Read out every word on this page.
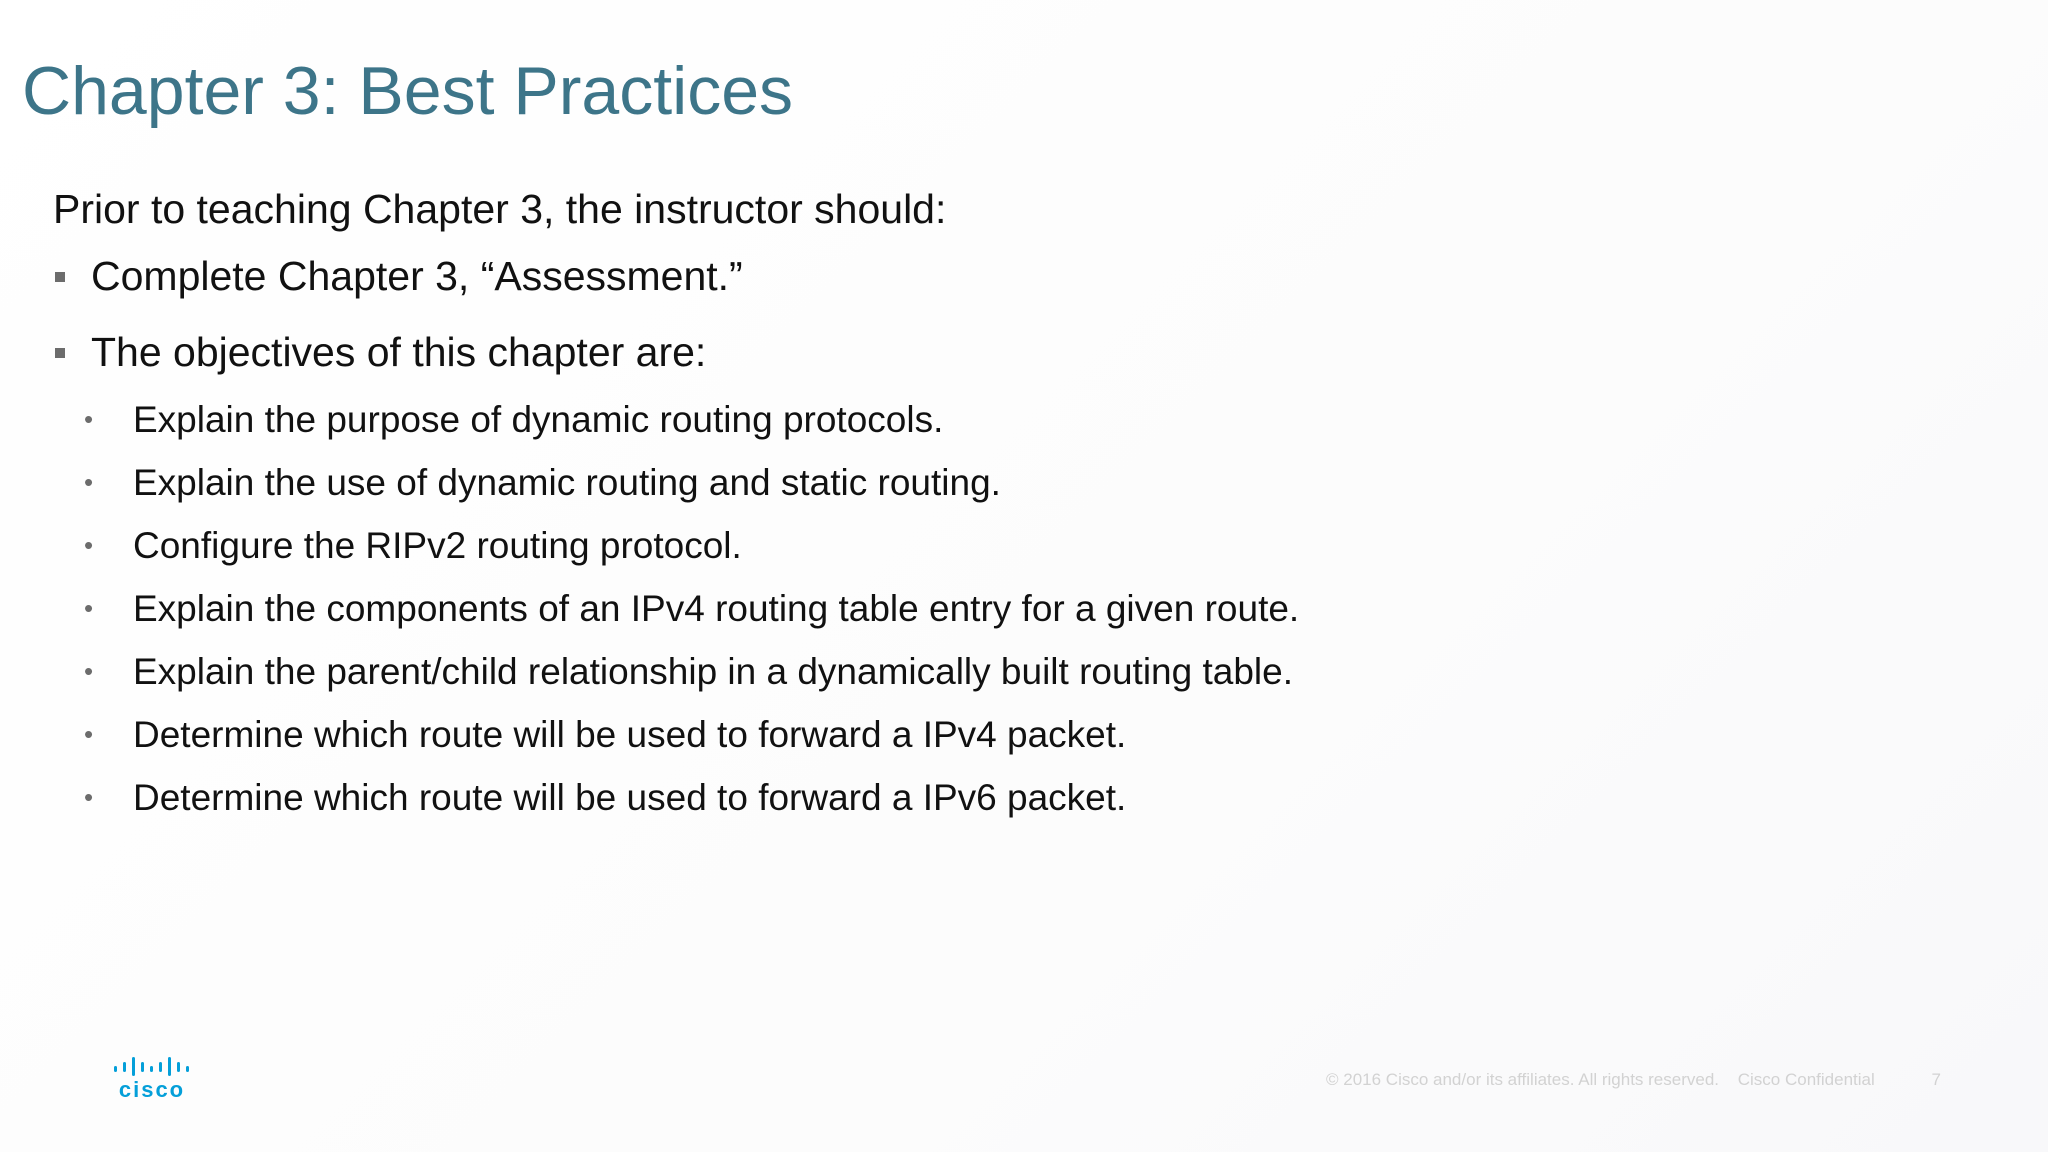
Chapter 3: Best Practices

Prior to teaching Chapter 3, the instructor should:

Complete Chapter 3, “Assessment.”
The objectives of this chapter are:
• Explain the purpose of dynamic routing protocols.
• Explain the use of dynamic routing and static routing.
• Configure the RIPv2 routing protocol.
• Explain the components of an IPv4 routing table entry for a given route.
• Explain the parent/child relationship in a dynamically built routing table.
• Determine which route will be used to forward a IPv4 packet.
• Determine which route will be used to forward a IPv6 packet.
cisco	© 2016 Cisco and/or its affiliates. All rights reserved. Cisco Confidential	7
